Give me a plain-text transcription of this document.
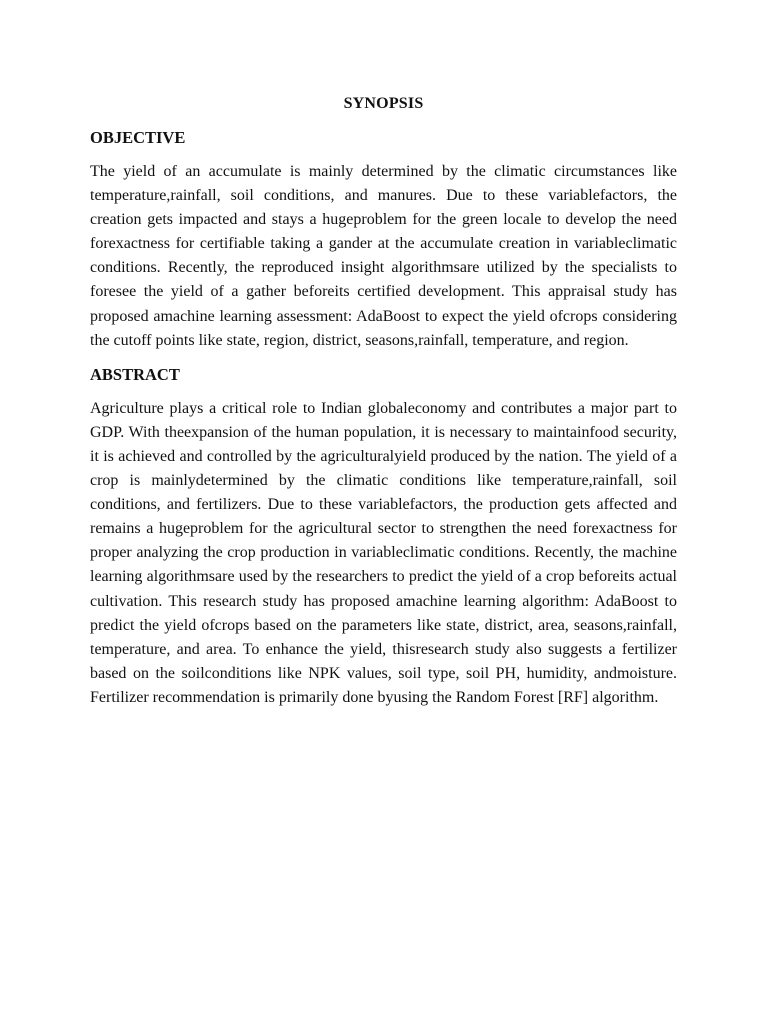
SYNOPSIS
OBJECTIVE

The yield of an accumulate is mainly determined by the climatic circumstances like temperature,rainfall, soil conditions, and manures. Due to these variablefactors, the creation gets impacted and stays a hugeproblem for the green locale to develop the need forexactness for certifiable taking a gander at the accumulate creation in variableclimatic conditions. Recently, the reproduced insight algorithmsare utilized by the specialists to foresee the yield of a gather beforeits certified development. This appraisal study has proposed amachine learning assessment: AdaBoost to expect the yield ofcrops considering the cutoff points like state, region, district, seasons,rainfall, temperature, and region.

ABSTRACT

Agriculture plays a critical role to Indian globaleconomy and contributes a major part to GDP. With theexpansion of the human population, it is necessary to maintainfood security, it is achieved and controlled by the agriculturalyield produced by the nation. The yield of a crop is mainlydetermined by the climatic conditions like temperature,rainfall, soil conditions, and fertilizers. Due to these variablefactors, the production gets affected and remains a hugeproblem for the agricultural sector to strengthen the need forexactness for proper analyzing the crop production in variableclimatic conditions. Recently, the machine learning algorithmsare used by the researchers to predict the yield of a crop beforeits actual cultivation. This research study has proposed amachine learning algorithm: AdaBoost to predict the yield ofcrops based on the parameters like state, district, area, seasons,rainfall, temperature, and area. To enhance the yield, thisresearch study also suggests a fertilizer based on the soilconditions like NPK values, soil type, soil PH, humidity, andmoisture. Fertilizer recommendation is primarily done byusing the Random Forest [RF] algorithm.
